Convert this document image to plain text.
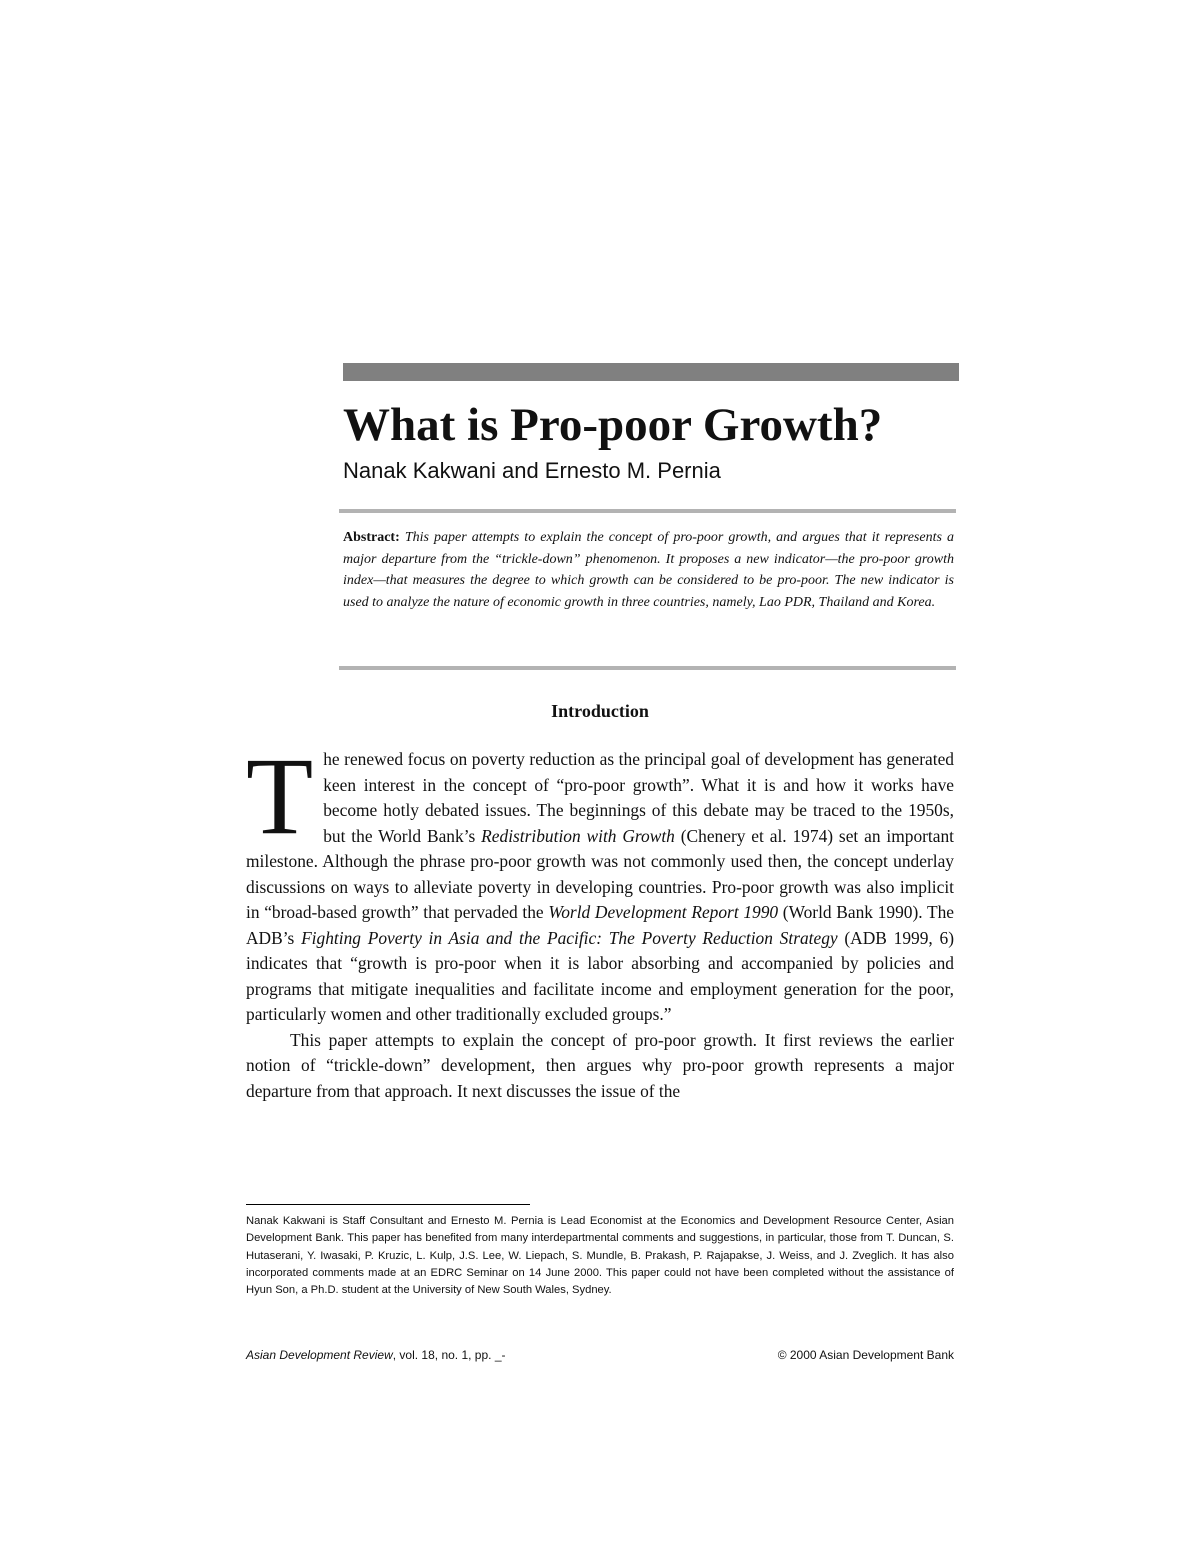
What is Pro-poor Growth?

Nanak Kakwani and Ernesto M. Pernia

Abstract: This paper attempts to explain the concept of pro-poor growth, and argues that it represents a major departure from the “trickle-down” phenomenon. It proposes a new indicator—the pro-poor growth index—that measures the degree to which growth can be considered to be pro-poor. The new indicator is used to analyze the nature of economic growth in three countries, namely, Lao PDR, Thailand and Korea.

Introduction

The renewed focus on poverty reduction as the principal goal of development has generated keen interest in the concept of “pro-poor growth”. What it is and how it works have become hotly debated issues. The beginnings of this debate may be traced to the 1950s, but the World Bank’s Redistribution with Growth (Chenery et al. 1974) set an important milestone. Although the phrase pro-poor growth was not commonly used then, the concept underlay discussions on ways to alleviate poverty in developing countries. Pro-poor growth was also implicit in “broad-based growth” that pervaded the World Development Report 1990 (World Bank 1990). The ADB’s Fighting Poverty in Asia and the Pacific: The Poverty Reduction Strategy (ADB 1999, 6) indicates that “growth is pro-poor when it is labor absorbing and accompanied by policies and programs that mitigate inequalities and facilitate income and employment generation for the poor, particularly women and other traditionally excluded groups.”

This paper attempts to explain the concept of pro-poor growth. It first reviews the earlier notion of “trickle-down” development, then argues why pro-poor growth represents a major departure from that approach. It next discusses the issue of the

Nanak Kakwani is Staff Consultant and Ernesto M. Pernia is Lead Economist at the Economics and Development Resource Center, Asian Development Bank. This paper has benefited from many interdepartmental comments and suggestions, in particular, those from T. Duncan, S. Hutaserani, Y. Iwasaki, P. Kruzic, L. Kulp, J.S. Lee, W. Liepach, S. Mundle, B. Prakash, P. Rajapakse, J. Weiss, and J. Zveglich. It has also incorporated comments made at an EDRC Seminar on 14 June 2000. This paper could not have been completed without the assistance of Hyun Son, a Ph.D. student at the University of New South Wales, Sydney.

Asian Development Review, vol. 18, no. 1, pp. _-	© 2000 Asian Development Bank
